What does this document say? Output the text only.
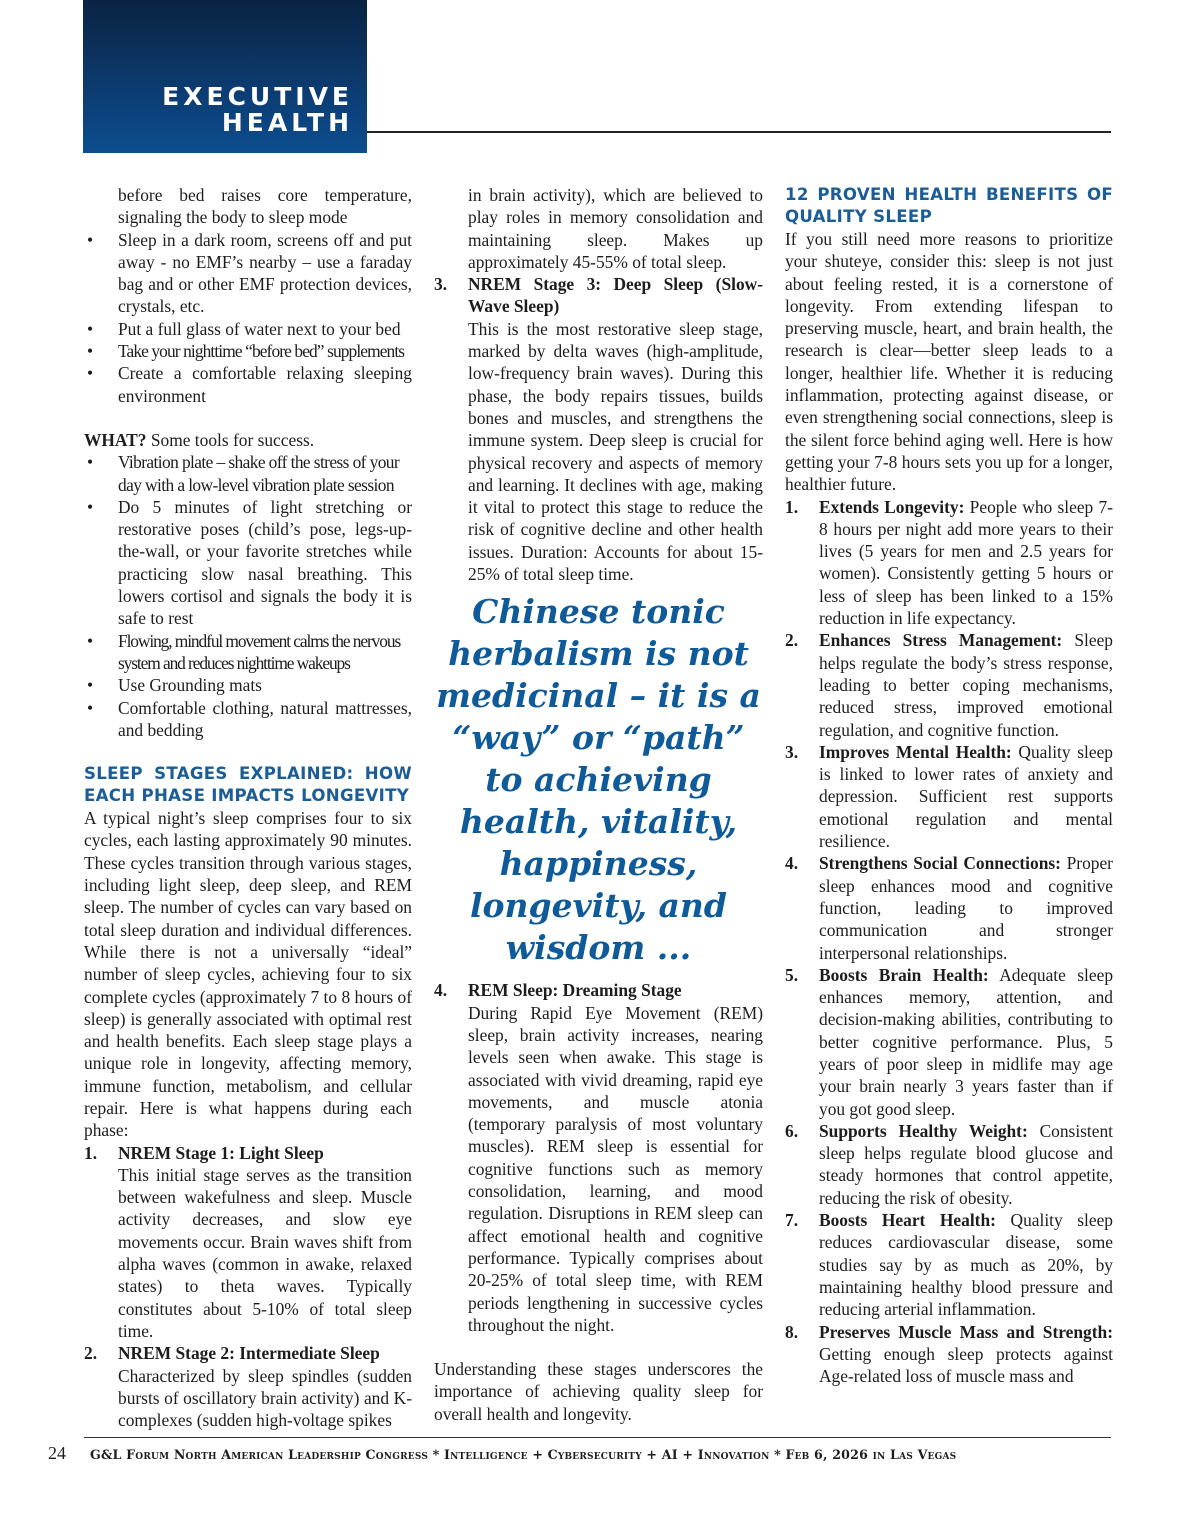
EXECUTIVE
HEALTH

before bed raises core temperature,

signaling the body to sleep mode

• Sleep in a dark room, screens off and put away - no EMF’s nearby – use a faraday bag and or other EMF protection devices, crystals, etc.
• Put a full glass of water next to your bed
• Take your nighttime “before bed” supplements
• Create a comfortable relaxing sleeping environment

WHAT? Some tools for success.

• Vibration plate – shake off the stress of your day with a low-level vibration plate session
• Do 5 minutes of light stretching or restorative poses (child’s pose, legs-up-the-wall, or your favorite stretches while practicing slow nasal breathing. This lowers cortisol and signals the body it is safe to rest
• Flowing, mindful movement calms the nervous system and reduces nighttime wakeups
• Use Grounding mats
• Comfortable clothing, natural mattresses, and bedding

SLEEP STAGES EXPLAINED: HOW EACH PHASE IMPACTS LONGEVITY

A typical night’s sleep comprises four to six cycles, each lasting approximately 90 minutes. These cycles transition through various stages, including light sleep, deep sleep, and REM sleep. The number of cycles can vary based on total sleep duration and individual differences. While there is not a universally “ideal” number of sleep cycles, achieving four to six complete cycles (approximately 7 to 8 hours of sleep) is generally associated with optimal rest and health benefits. Each sleep stage plays a unique role in longevity, affecting memory, immune function, metabolism, and cellular repair. Here is what happens during each phase:

1. NREM Stage 1: Light Sleep

This initial stage serves as the transition between wakefulness and sleep. Muscle activity decreases, and slow eye movements occur. Brain waves shift from alpha waves (common in awake, relaxed states) to theta waves. Typically constitutes about 5-10% of total sleep time.

2. NREM Stage 2: Intermediate Sleep

Characterized by sleep spindles (sudden bursts of oscillatory brain activity) and K-complexes (sudden high-voltage spikes

in brain activity), which are believed to play roles in memory consolidation and maintaining sleep. Makes up approximately 45-55% of total sleep.

3. NREM Stage 3: Deep Sleep (Slow-Wave Sleep)

This is the most restorative sleep stage, marked by delta waves (high-amplitude, low-frequency brain waves). During this phase, the body repairs tissues, builds bones and muscles, and strengthens the immune system. Deep sleep is crucial for physical recovery and aspects of memory and learning. It declines with age, making it vital to protect this stage to reduce the risk of cognitive decline and other health issues. Duration: Accounts for about 15-25% of total sleep time.

Chinese tonic herbalism is not medicinal – it is a “way” or “path” to achieving health, vitality, happiness, longevity, and wisdom ...
4. REM Sleep: Dreaming Stage

During Rapid Eye Movement (REM) sleep, brain activity increases, nearing levels seen when awake. This stage is associated with vivid dreaming, rapid eye movements, and muscle atonia (temporary paralysis of most voluntary muscles). REM sleep is essential for cognitive functions such as memory consolidation, learning, and mood regulation. Disruptions in REM sleep can affect emotional health and cognitive performance. Typically comprises about 20-25% of total sleep time, with REM periods lengthening in successive cycles throughout the night.

Understanding these stages underscores the importance of achieving quality sleep for overall health and longevity.

12 PROVEN HEALTH BENEFITS OF QUALITY SLEEP

If you still need more reasons to prioritize your shuteye, consider this: sleep is not just about feeling rested, it is a cornerstone of longevity. From extending lifespan to preserving muscle, heart, and brain health, the research is clear—better sleep leads to a longer, healthier life. Whether it is reducing inflammation, protecting against disease, or even strengthening social connections, sleep is the silent force behind aging well. Here is how getting your 7-8 hours sets you up for a longer, healthier future.

1. Extends Longevity: People who sleep 7-8 hours per night add more years to their lives (5 years for men and 2.5 years for women). Consistently getting 5 hours or less of sleep has been linked to a 15% reduction in life expectancy.

2. Enhances Stress Management: Sleep helps regulate the body’s stress response, leading to better coping mechanisms, reduced stress, improved emotional regulation, and cognitive function.

3. Improves Mental Health: Quality sleep is linked to lower rates of anxiety and depression. Sufficient rest supports emotional regulation and mental resilience.

4. Strengthens Social Connections: Proper sleep enhances mood and cognitive function, leading to improved communication and stronger interpersonal relationships.

5. Boosts Brain Health: Adequate sleep enhances memory, attention, and decision-making abilities, contributing to better cognitive performance. Plus, 5 years of poor sleep in midlife may age your brain nearly 3 years faster than if you got good sleep.

6. Supports Healthy Weight: Consistent sleep helps regulate blood glucose and steady hormones that control appetite, reducing the risk of obesity.

7. Boosts Heart Health: Quality sleep reduces cardiovascular disease, some studies say by as much as 20%, by maintaining healthy blood pressure and reducing arterial inflammation.

8. Preserves Muscle Mass and Strength: Getting enough sleep protects against Age-related loss of muscle mass and

24 G&L Forum North American Leadership Congress * Intelligence + Cybersecurity + AI + Innovation * Feb 6, 2026 in Las Vegas
